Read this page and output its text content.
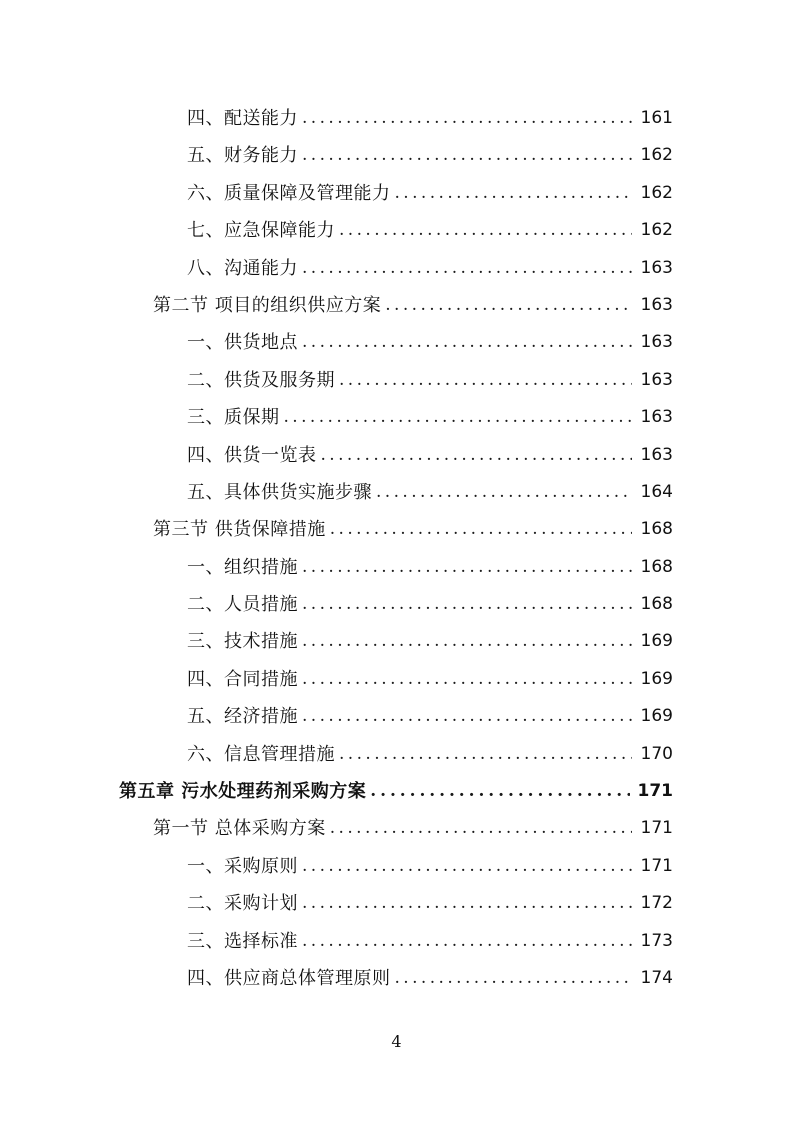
四、配送能力 . . .	161
五、财务能力 . . .	162
六、质量保障及管理能力 . . .	162
七、应急保障能力 . . .	162
八、沟通能力 . . .	163
第二节 项目的组织供应方案 . . .	163
一、供货地点 . . .	163
二、供货及服务期 . . .	163
三、质保期 . . .	163
四、供货一览表 . . .	163
五、具体供货实施步骤 . . .	164
第三节 供货保障措施 . . .	168
一、组织措施 . . .	168
二、人员措施 . . .	168
三、技术措施 . . .	169
四、合同措施 . . .	169
五、经济措施 . . .	169
六、信息管理措施 . . .	170
第五章 污水处理药剂采购方案 . . .	171
第一节 总体采购方案 . . .	171
一、采购原则 . . .	171
二、采购计划 . . .	172
三、选择标准 . . .	173
四、供应商总体管理原则 . . .	174
4
